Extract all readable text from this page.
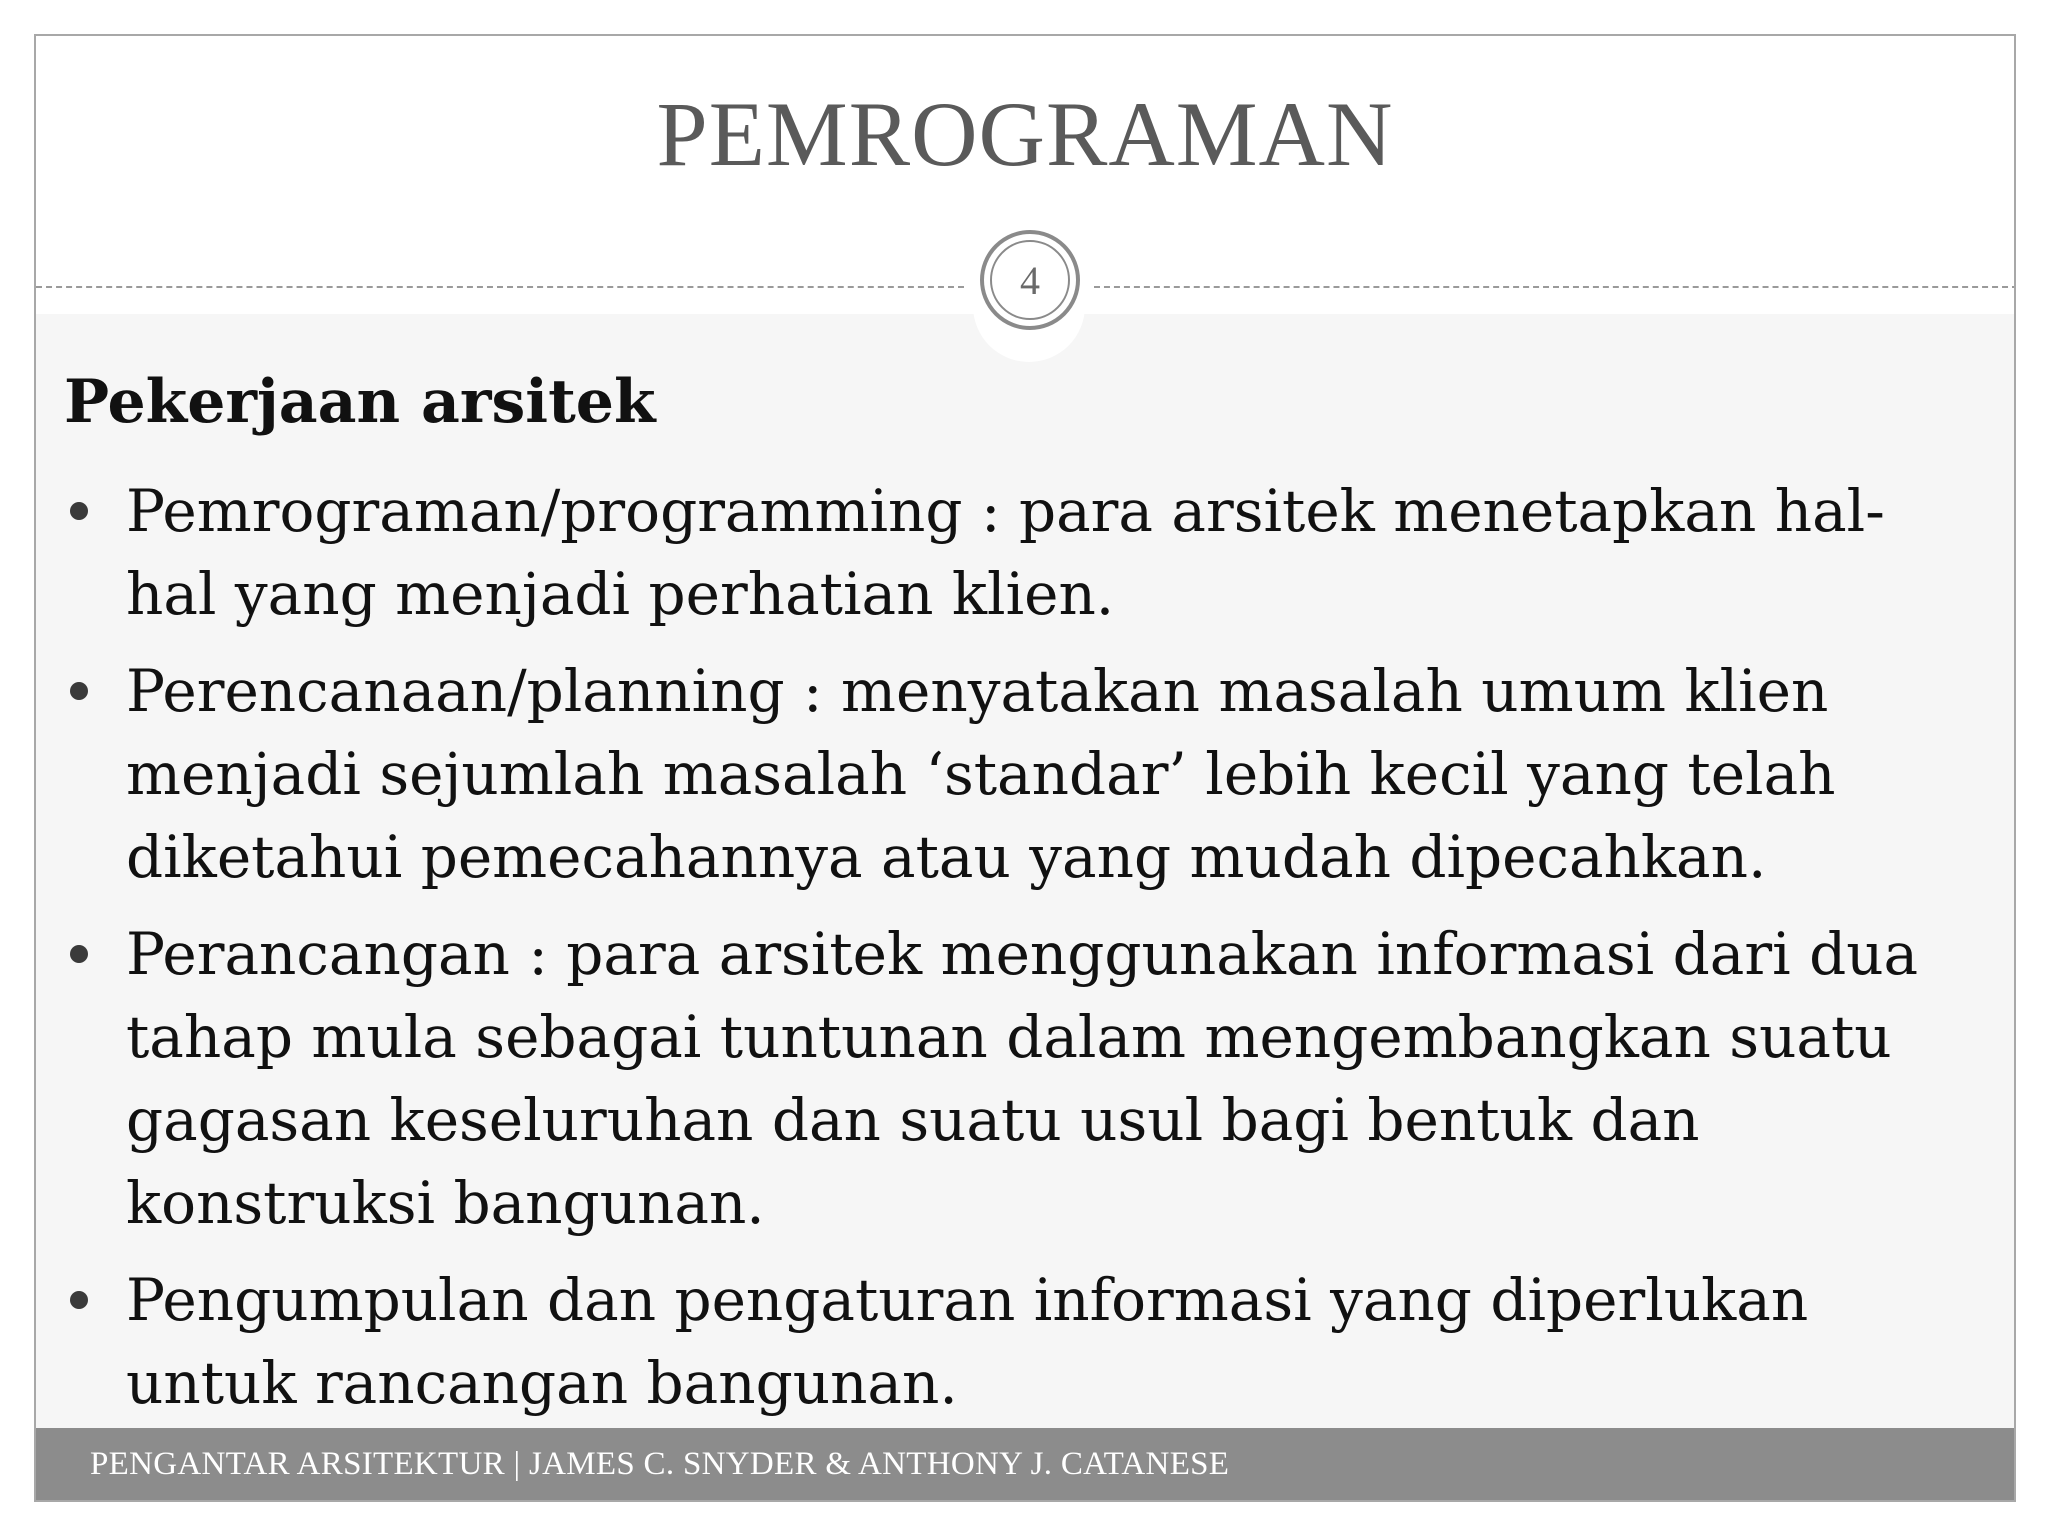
PEMROGRAMAN
4
Pekerjaan arsitek
Pemrograman/programming : para arsitek menetapkan hal-
hal yang menjadi perhatian klien.
Perencanaan/planning : menyatakan masalah umum klien
menjadi sejumlah masalah ‘standar’ lebih kecil yang telah
diketahui pemecahannya atau yang mudah dipecahkan.
Perancangan : para arsitek menggunakan informasi dari dua
tahap mula sebagai tuntunan dalam mengembangkan suatu
gagasan keseluruhan dan suatu usul bagi bentuk dan
konstruksi bangunan.
Pengumpulan dan pengaturan informasi yang diperlukan
untuk rancangan bangunan.
PENGANTAR ARSITEKTUR | JAMES C. SNYDER & ANTHONY J. CATANESE
